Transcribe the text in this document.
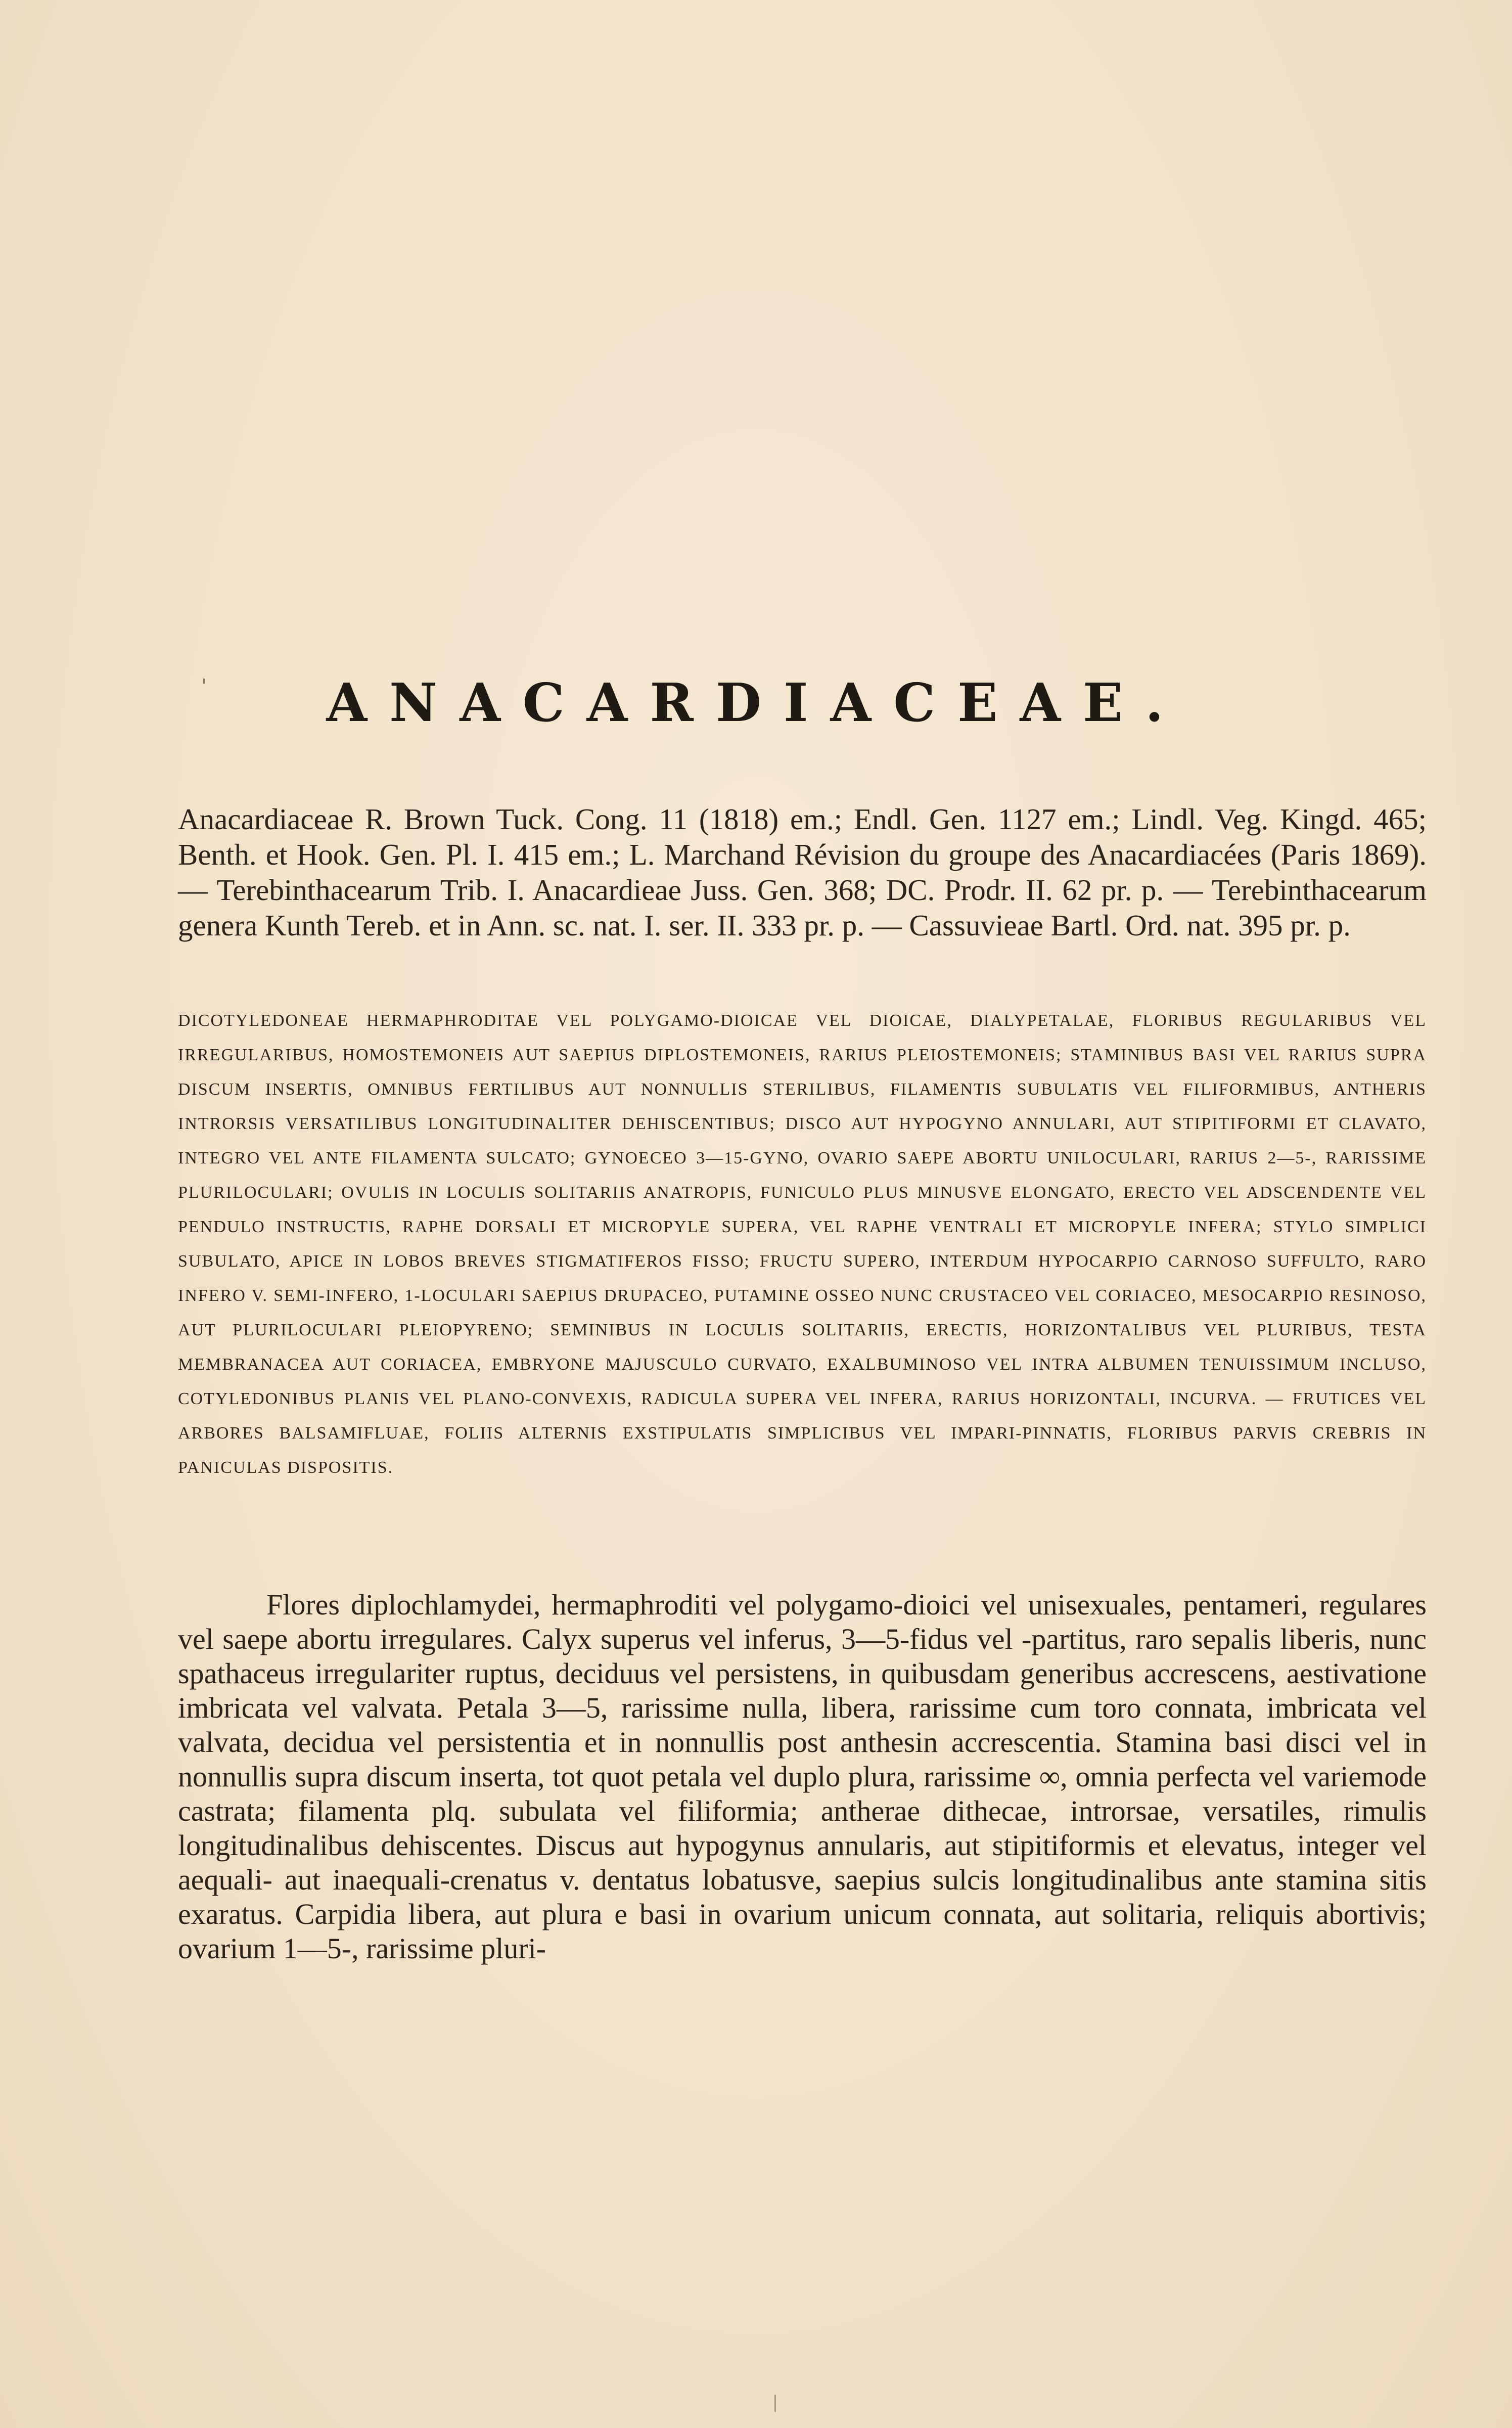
ANACARDIACEAE.

Anacardiaceae R. Brown Tuck. Cong. 11 (1818) em.; Endl. Gen. 1127 em.; Lindl. Veg. Kingd. 465; Benth. et Hook. Gen. Pl. I. 415 em.; L. Marchand Révision du groupe des Anacardiacées (Paris 1869). — Terebinthacearum Trib. I. Anacardieae Juss. Gen. 368; DC. Prodr. II. 62 pr. p. — Terebinthacearum genera Kunth Tereb. et in Ann. sc. nat. I. ser. II. 333 pr. p. — Cassuvieae Bartl. Ord. nat. 395 pr. p.

DICOTYLEDONEAE HERMAPHRODITAE VEL POLYGAMO-DIOICAE VEL DIOICAE, DIALYPETALAE, FLORIBUS REGULARIBUS VEL IRREGULARIBUS, HOMOSTEMONEIS AUT SAEPIUS DIPLOSTEMONEIS, RARIUS PLEIOSTEMONEIS; STAMINIBUS BASI VEL RARIUS SUPRA DISCUM INSERTIS, OMNIBUS FERTILIBUS AUT NONNULLIS STERILIBUS, FILAMENTIS SUBULATIS VEL FILIFORMIBUS, ANTHERIS INTRORSIS VERSATILIBUS LONGITUDINALITER DEHISCENTIBUS; DISCO AUT HYPOGYNO ANNULARI, AUT STIPITIFORMI ET CLAVATO, INTEGRO VEL ANTE FILAMENTA SULCATO; GYNOECEO 3—15-GYNO, OVARIO SAEPE ABORTU UNILOCULARI, RARIUS 2—5-, RARISSIME PLURILOCULARI; OVULIS IN LOCULIS SOLITARIIS ANATROPIS, FUNICULO PLUS MINUSVE ELONGATO, ERECTO VEL ADSCENDENTE VEL PENDULO INSTRUCTIS, RAPHE DORSALI ET MICROPYLE SUPERA, VEL RAPHE VENTRALI ET MICROPYLE INFERA; STYLO SIMPLICI SUBULATO, APICE IN LOBOS BREVES STIGMATIFEROS FISSO; FRUCTU SUPERO, INTERDUM HYPOCARPIO CARNOSO SUFFULTO, RARO INFERO V. SEMI-INFERO, 1-LOCULARI SAEPIUS DRUPACEO, PUTAMINE OSSEO NUNC CRUSTACEO VEL CORIACEO, MESOCARPIO RESINOSO, AUT PLURILOCULARI PLEIOPYRENO; SEMINIBUS IN LOCULIS SOLITARIIS, ERECTIS, HORIZONTALIBUS VEL PLURIBUS, TESTA MEMBRANACEA AUT CORIACEA, EMBRYONE MAJUSCULO CURVATO, EXALBUMINOSO VEL INTRA ALBUMEN TENUISSIMUM INCLUSO, COTYLEDONIBUS PLANIS VEL PLANO-CONVEXIS, RADICULA SUPERA VEL INFERA, RARIUS HORIZONTALI, INCURVA. — FRUTICES VEL ARBORES BALSAMIFLUAE, FOLIIS ALTERNIS EXSTIPULATIS SIMPLICIBUS VEL IMPARI-PINNATIS, FLORIBUS PARVIS CREBRIS IN PANICULAS DISPOSITIS.

Flores diplochlamydei, hermaphroditi vel polygamo-dioici vel unisexuales, pentameri, regulares vel saepe abortu irregulares. Calyx superus vel inferus, 3—5-fidus vel -partitus, raro sepalis liberis, nunc spathaceus irregulariter ruptus, deciduus vel persistens, in quibusdam generibus accrescens, aestivatione imbricata vel valvata. Petala 3—5, rarissime nulla, libera, rarissime cum toro connata, imbricata vel valvata, decidua vel persistentia et in nonnullis post anthesin accrescentia. Stamina basi disci vel in nonnullis supra discum inserta, tot quot petala vel duplo plura, rarissime ∞, omnia perfecta vel variemode castrata; filamenta plq. subulata vel filiformia; antherae dithecae, introrsae, versatiles, rimulis longitudinalibus dehiscentes. Discus aut hypogynus annularis, aut stipitiformis et elevatus, integer vel aequali- aut inaequali-crenatus v. dentatus lobatusve, saepius sulcis longitudinalibus ante stamina sitis exaratus. Carpidia libera, aut plura e basi in ovarium unicum connata, aut solitaria, reliquis abortivis; ovarium 1—5-, rarissime pluri-
